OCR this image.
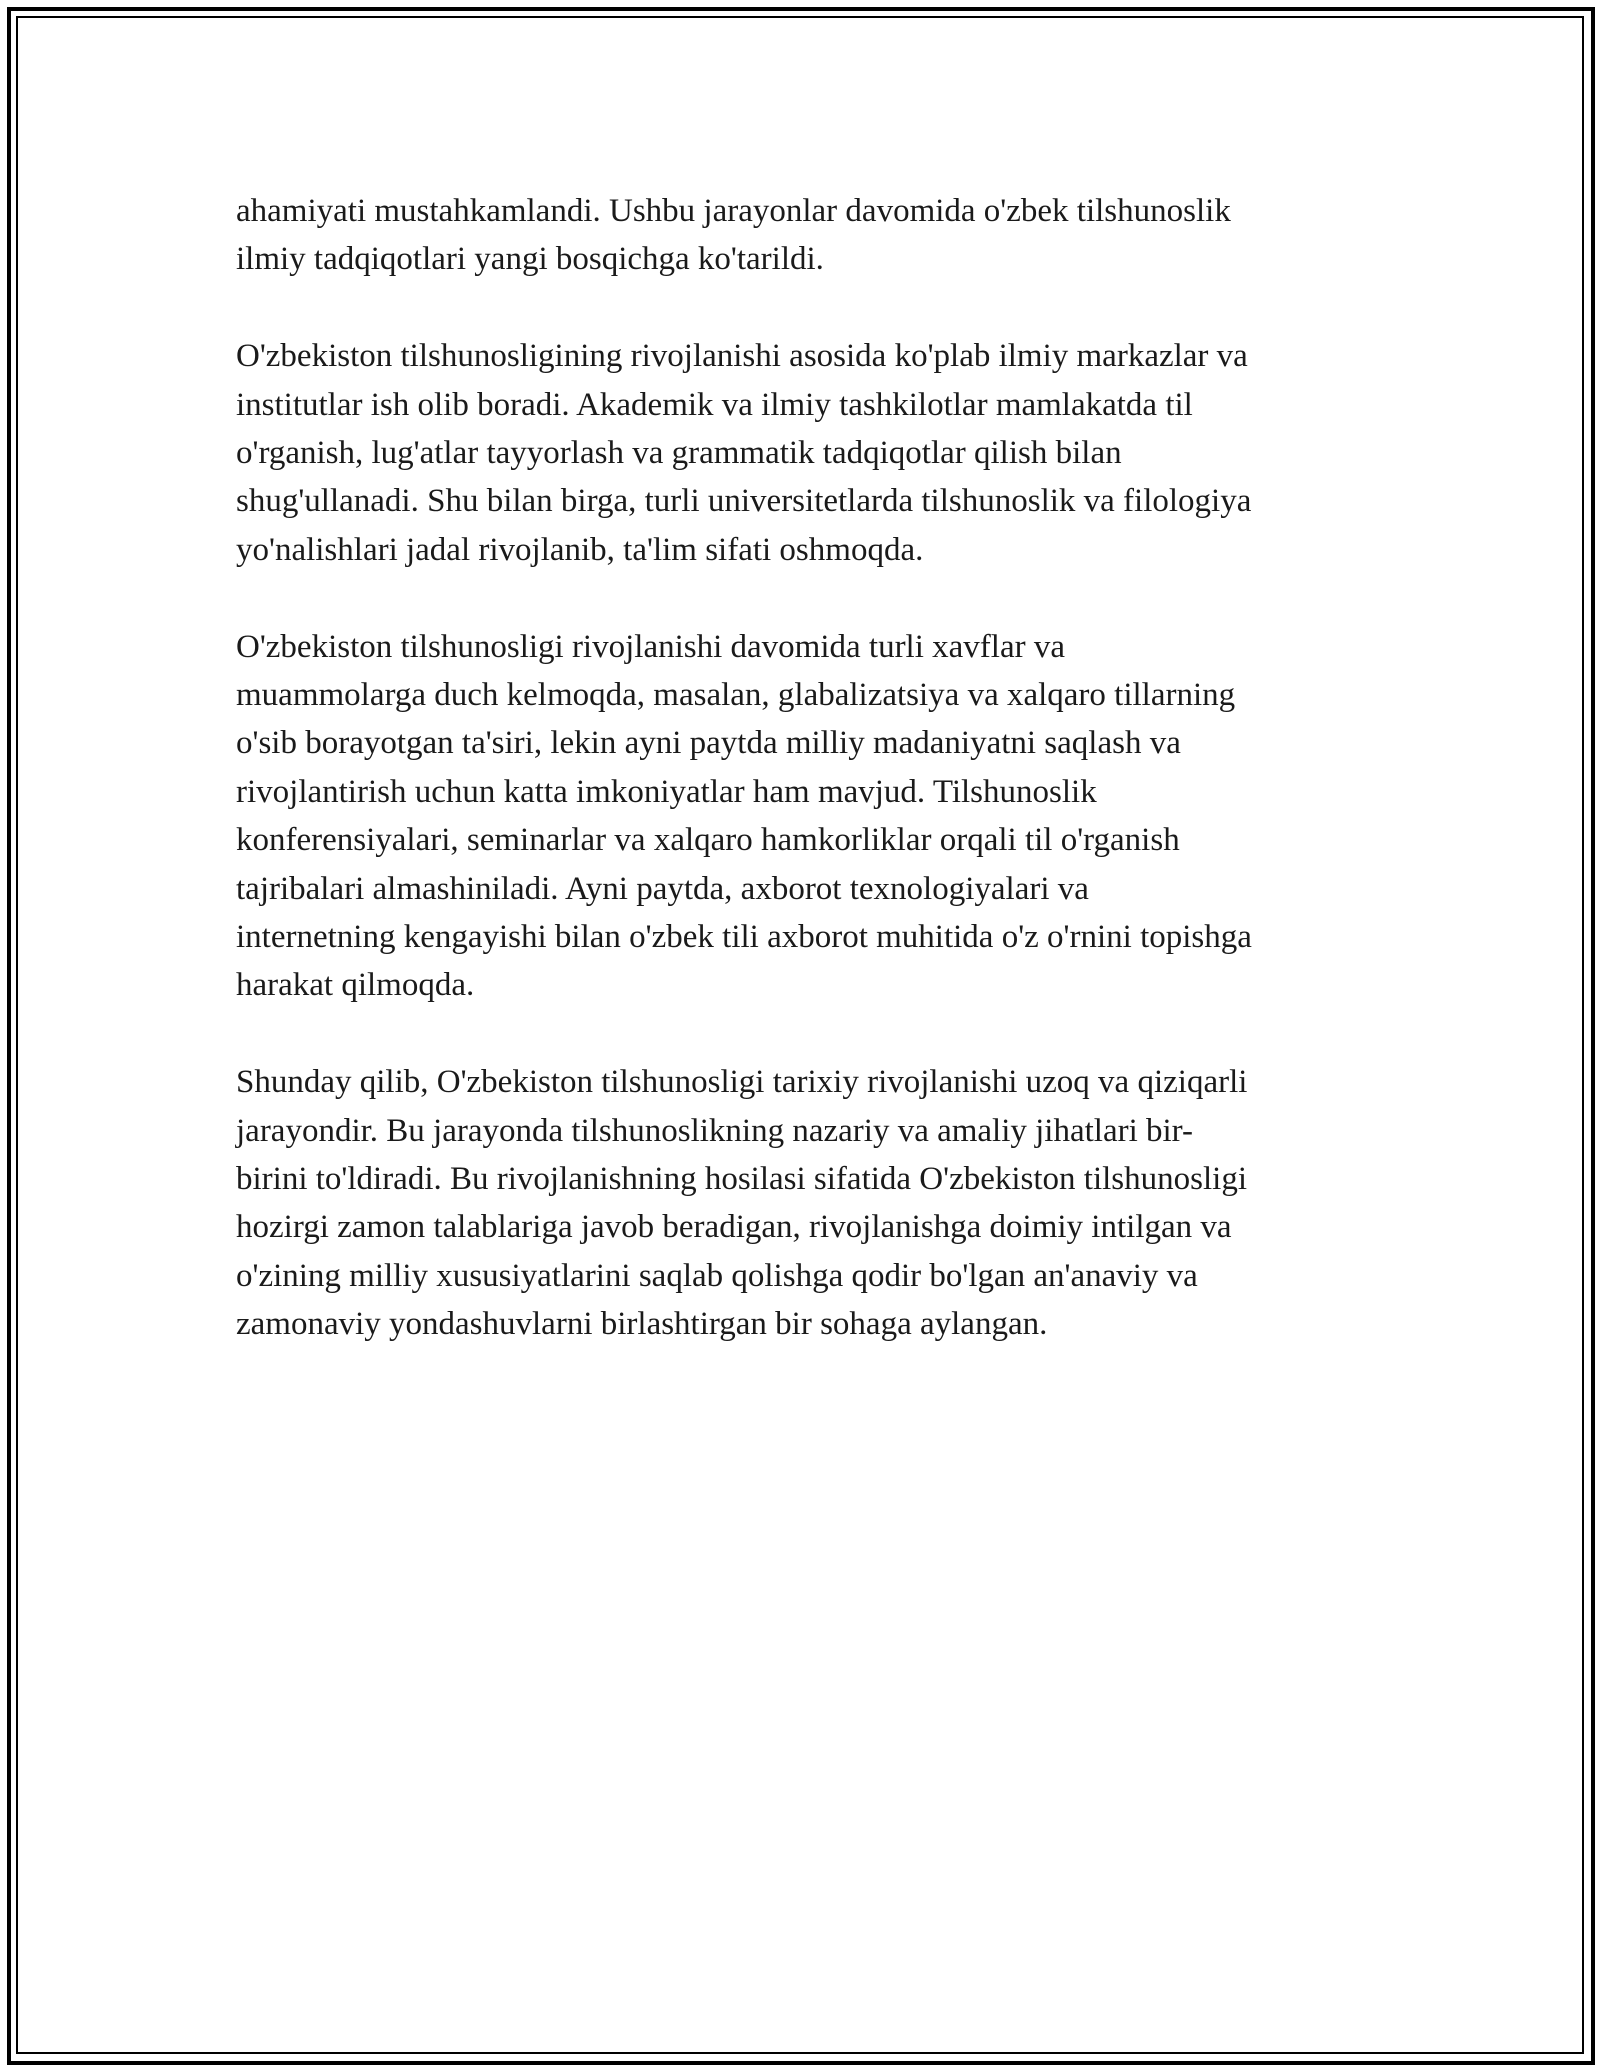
ahamiyati mustahkamlandi. Ushbu jarayonlar davomida o'zbek tilshunoslik
ilmiy tadqiqotlari yangi bosqichga ko'tarildi.

O'zbekiston tilshunosligining rivojlanishi asosida ko'plab ilmiy markazlar va
institutlar ish olib boradi. Akademik va ilmiy tashkilotlar mamlakatda til
o'rganish, lug'atlar tayyorlash va grammatik tadqiqotlar qilish bilan
shug'ullanadi. Shu bilan birga, turli universitetlarda tilshunoslik va filologiya
yo'nalishlari jadal rivojlanib, ta'lim sifati oshmoqda.

O'zbekiston tilshunosligi rivojlanishi davomida turli xavflar va
muammolarga duch kelmoqda, masalan, glabalizatsiya va xalqaro tillarning
o'sib borayotgan ta'siri, lekin ayni paytda milliy madaniyatni saqlash va
rivojlantirish uchun katta imkoniyatlar ham mavjud. Tilshunoslik
konferensiyalari, seminarlar va xalqaro hamkorliklar orqali til o'rganish
tajribalari almashiniladi. Ayni paytda, axborot texnologiyalari va
internetning kengayishi bilan o'zbek tili axborot muhitida o'z o'rnini topishga
harakat qilmoqda.

Shunday qilib, O'zbekiston tilshunosligi tarixiy rivojlanishi uzoq va qiziqarli
jarayondir. Bu jarayonda tilshunoslikning nazariy va amaliy jihatlari bir-
birini to'ldiradi. Bu rivojlanishning hosilasi sifatida O'zbekiston tilshunosligi
hozirgi zamon talablariga javob beradigan, rivojlanishga doimiy intilgan va
o'zining milliy xususiyatlarini saqlab qolishga qodir bo'lgan an'anaviy va
zamonaviy yondashuvlarni birlashtirgan bir sohaga aylangan.
